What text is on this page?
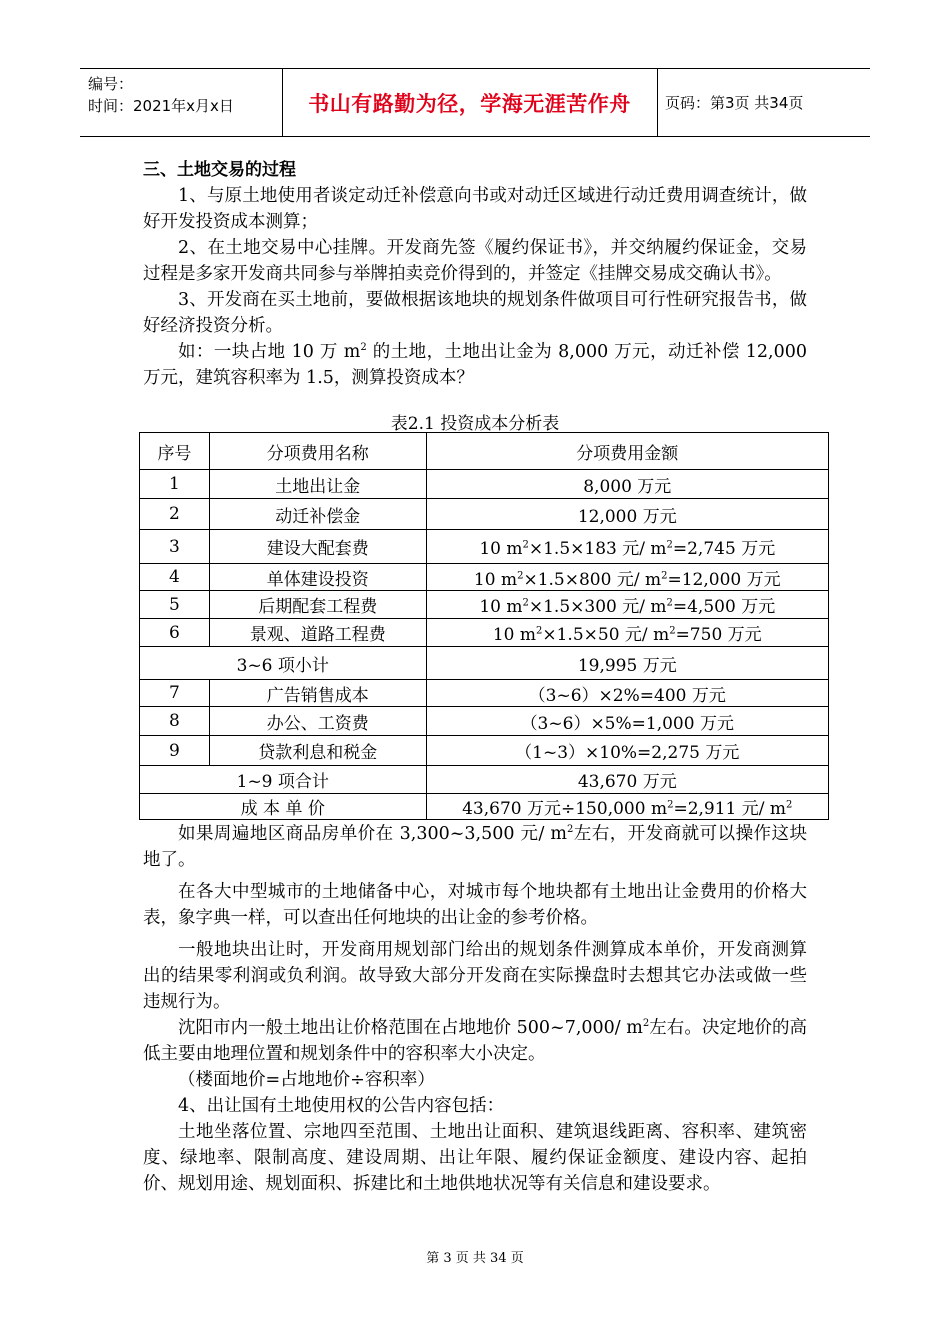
编号：
时间：2021年x月x日	书山有路勤为径，学海无涯苦作舟	页码：第3页 共34页
三、土地交易的过程

1、与原土地使用者谈定动迁补偿意向书或对动迁区域进行动迁费用调查统计，做好开发投资成本测算；

2、在土地交易中心挂牌。开发商先签《履约保证书》，并交纳履约保证金，交易过程是多家开发商共同参与举牌拍卖竞价得到的，并签定《挂牌交易成交确认书》。

3、开发商在买土地前，要做根据该地块的规划条件做项目可行性研究报告书，做好经济投资分析。

如：一块占地 10 万 $m^2$ 的土地，土地出让金为 8,000 万元，动迁补偿 12,000 万元，建筑容积率为 1.5，测算投资成本？

表2.1 投资成本分析表
序号	分项费用名称	分项费用金额
1	土地出让金	8,000 万元
2	动迁补偿金	12,000 万元
3	建设大配套费	10 $m^2\times 1.5\times 183$ 元/ $m^2=2,745$ 万元
4	单体建设投资	10 $m^2\times 1.5\times 800$ 元/ $m^2=12,000$ 万元
5	后期配套工程费	10 $m^2\times 1.5\times 300$ 元/ $m^2=4,500$ 万元
6	景观、道路工程费	10 $m^2\times 1.5\times 50$ 元/ $m^2=750$ 万元
3~6 项小计		19,995 万元
7	广告销售成本	（3~6）×2%=400 万元
8	办公、工资费	（3~6）×5%=1,000 万元
9	贷款利息和税金	（1~3）×10%=2,275 万元
1~9 项合计		43,670 万元
成 本 单 价		43,670 万元÷150,000 $m^2=2,911$ 元/ $m^2$

如果周遍地区商品房单价在 3,300~3,500 元/ $m^2$左右，开发商就可以操作这块地了。

在各大中型城市的土地储备中心，对城市每个地块都有土地出让金费用的价格大表，象字典一样，可以查出任何地块的出让金的参考价格。

一般地块出让时，开发商用规划部门给出的规划条件测算成本单价，开发商测算出的结果零利润或负利润。故导致大部分开发商在实际操盘时去想其它办法或做一些违规行为。

沈阳市内一般土地出让价格范围在占地地价 500~7,000/ $m^2$左右。决定地价的高低主要由地理位置和规划条件中的容积率大小决定。

（楼面地价=占地地价÷容积率）

4、出让国有土地使用权的公告内容包括：

土地坐落位置、宗地四至范围、土地出让面积、建筑退线距离、容积率、建筑密度、绿地率、限制高度、建设周期、出让年限、履约保证金额度、建设内容、起拍价、规划用途、规划面积、拆建比和土地供地状况等有关信息和建设要求。

第 3 页 共 34 页
